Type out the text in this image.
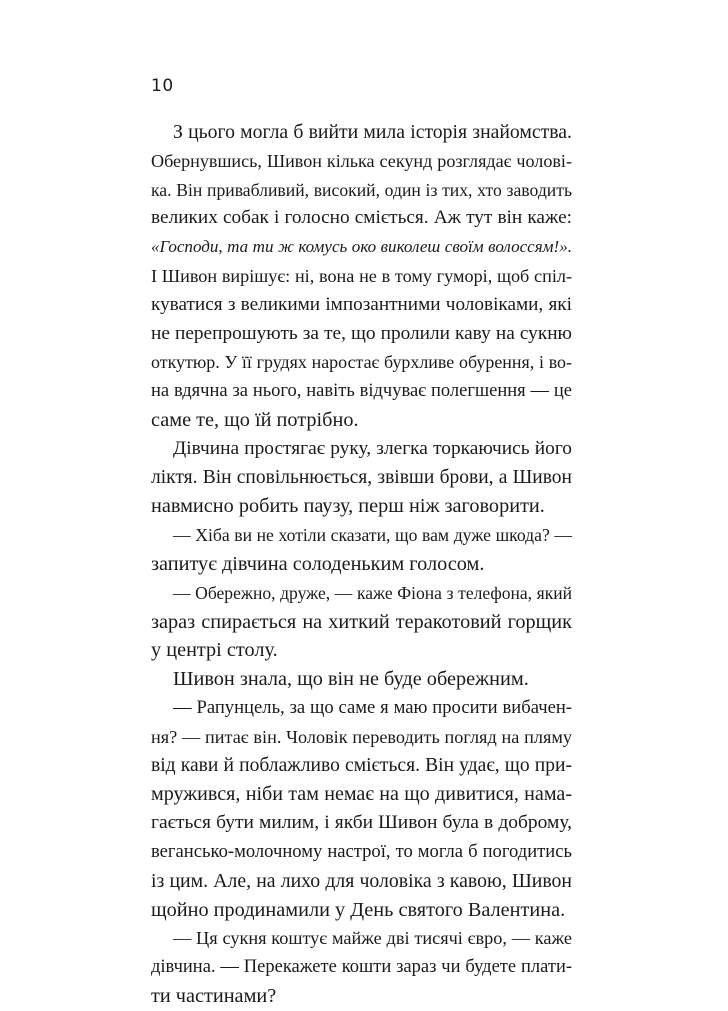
10
З цього могла б вийти мила історія знайомства.
Обернувшись, Шивон кілька секунд розглядає чолові-
ка. Він привабливий, високий, один із тих, хто заводить
великих собак і голосно сміється. Аж тут він каже:
«Господи, та ти ж комусь око виколеш своїм волоссям!».
І Шивон вирішує: ні, вона не в тому гуморі, щоб спіл-
куватися з великими імпозантними чоловіками, які
не перепрошують за те, що пролили каву на сукню
откутюр. У її грудях наростає бурхливе обурення, і во-
на вдячна за нього, навіть відчуває полегшення — це
саме те, що їй потрібно.
Дівчина простягає руку, злегка торкаючись його
ліктя. Він сповільнюється, звівши брови, а Шивон
навмисно робить паузу, перш ніж заговорити.
— Хіба ви не хотіли сказати, що вам дуже шкода? —
запитує дівчина солоденьким голосом.
— Обережно, друже, — каже Фіона з телефона, який
зараз спирається на хиткий теракотовий горщик
у центрі столу.
Шивон знала, що він не буде обережним.
— Рапунцель, за що саме я маю просити вибачен-
ня? — питає він. Чоловік переводить погляд на пляму
від кави й поблажливо сміється. Він удає, що при-
мружився, ніби там немає на що дивитися, нама-
гається бути милим, і якби Шивон була в доброму,
вегансько-молочному настрої, то могла б погодитись
із цим. Але, на лихо для чоловіка з кавою, Шивон
щойно продинамили у День святого Валентина.
— Ця сукня коштує майже дві тисячі євро, — каже
дівчина. — Перекажете кошти зараз чи будете плати-
ти частинами?
